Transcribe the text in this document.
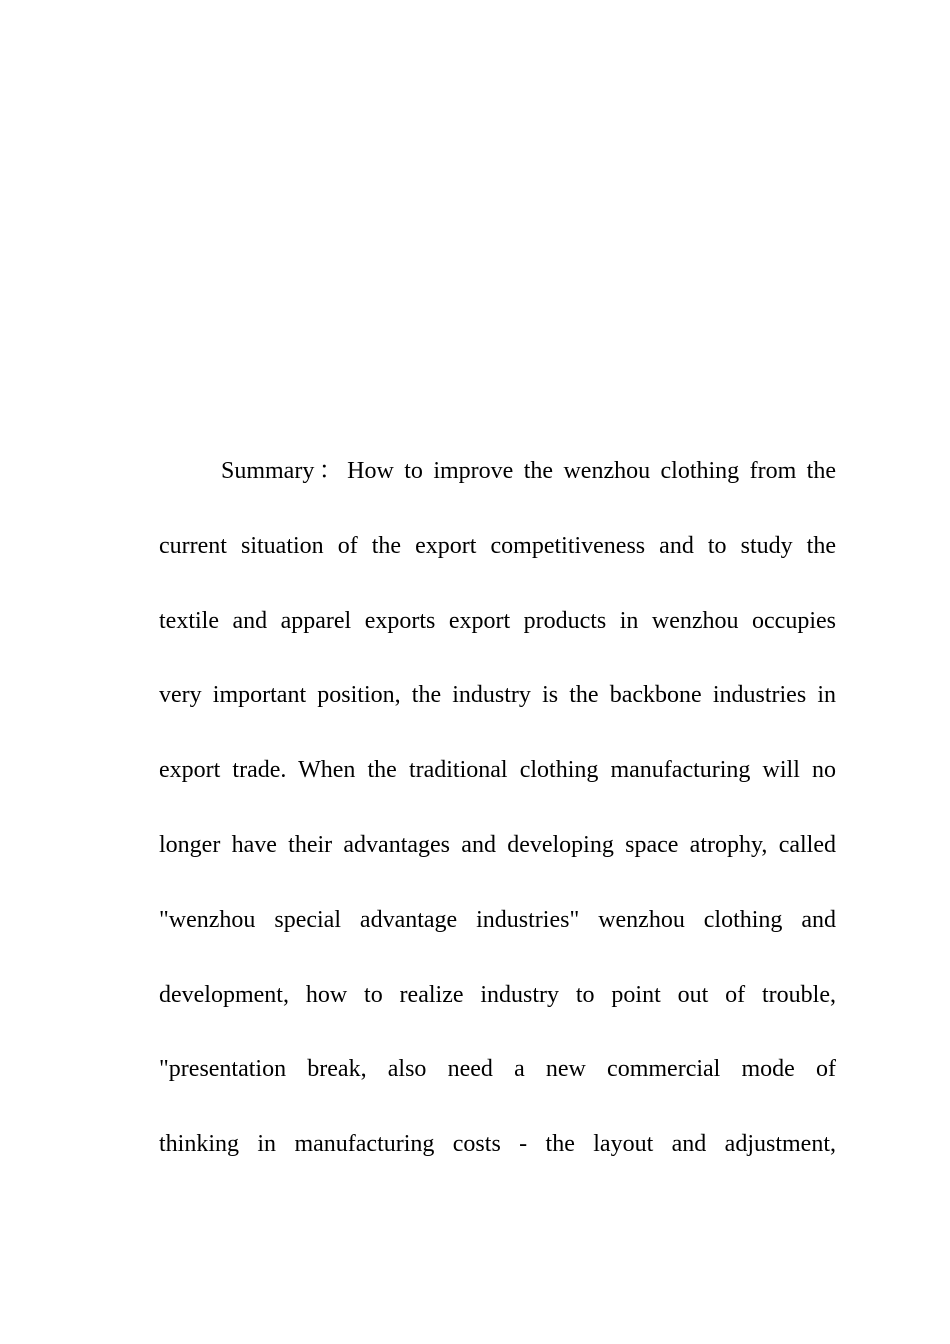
Summary：How to improve the wenzhou clothing from the
current situation of the export competitiveness and to study the
textile and apparel exports export products in wenzhou occupies
very important position, the industry is the backbone industries in
export trade. When the traditional clothing manufacturing will no
longer have their advantages and developing space atrophy, called
"wenzhou special advantage industries" wenzhou clothing and
development, how to realize industry to point out of trouble,
"presentation break, also need a new commercial mode of
thinking in manufacturing costs - the layout and adjustment,
